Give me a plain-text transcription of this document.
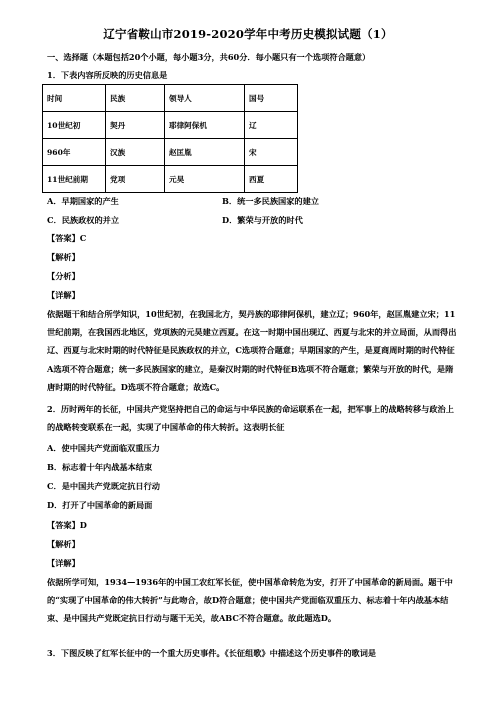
辽宁省鞍山市2019-2020学年中考历史模拟试题（1）
一、选择题（本题包括20个小题，每小题3分，共60分．每小题只有一个选项符合题意）
1．下表内容所反映的历史信息是
时间	民族	领导人	国号
10世纪初	契丹	耶律阿保机	辽
960年	汉族	赵匡胤	宋
11世纪前期	党项	元昊	西夏
A．早期国家的产生	B．统一多民族国家的建立
C．民族政权的并立	D．繁荣与开放的时代
【答案】C
【解析】
【分析】
【详解】
依据题干和结合所学知识，10世纪初，在我国北方，契丹族的耶律阿保机，建立辽；960年，赵匡胤建立宋；11世纪前期，在我国西北地区，党项族的元昊建立西夏。在这一时期中国出现辽、西夏与北宋的并立局面，从而得出辽、西夏与北宋时期的时代特征是民族政权的并立，C选项符合题意；早期国家的产生，是夏商周时期的时代特征A选项不符合题意；统一多民族国家的建立，是秦汉时期的时代特征B选项不符合题意；繁荣与开放的时代，是隋唐时期的时代特征。D选项不符合题意；故选C。
2．历时两年的长征，中国共产党坚持把自己的命运与中华民族的命运联系在一起，把军事上的战略转移与政治上的战略转变联系在一起，实现了中国革命的伟大转折。这表明长征
A．使中国共产党面临双重压力
B．标志着十年内战基本结束
C．是中国共产党既定抗日行动
D．打开了中国革命的新局面
【答案】D
【解析】
【详解】
依据所学可知，1934—1936年的中国工农红军长征，使中国革命转危为安，打开了中国革命的新局面。题干中的“实现了中国革命的伟大转折”与此吻合，故D符合题意；使中国共产党面临双重压力、标志着十年内战基本结束、是中国共产党既定抗日行动与题干无关，故ABC不符合题意。故此题选D。
3．下图反映了红军长征中的一个重大历史事件。《长征组歌》中描述这个历史事件的歌词是
